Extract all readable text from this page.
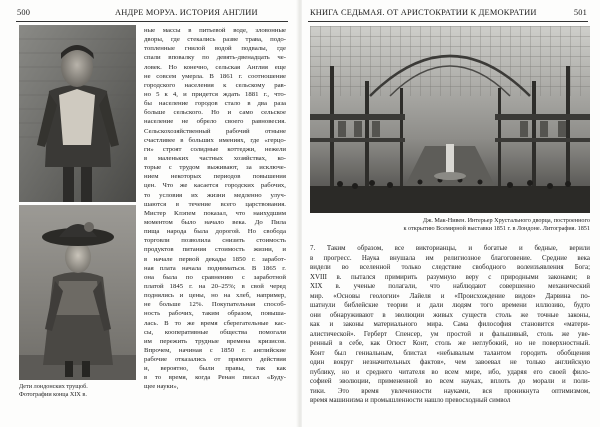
500	АНДРЕ МОРУА. ИСТОРИЯ АНГЛИИ
Дети лондонских трущоб.
Фотографии конца XIX в.
ные массы в питьевой воде, зловонные
дворы, где стекались разве трава, подо-
топленные гнилой водой подвалы, где
спали вповалку по девять-двенадцать че-
ловек. Но конечно, сельская Англия еще
не совсем умерла. В 1861 г. соотношение
городского населения к сельскому рав-
но 5 к 4, и придется ждать 1881 г., что-
бы население городов стало в два раза
больше сельского. Но и само сельское
население не обрело своего равновесия.
Сельскохозяйственный рабочий отныне
счастливее в больших имениях, где «герцо-
ги» строят солидные коттеджи, нежели
в маленьких частных хозяйствах, ко-
торые с трудом выживают, за исключе-
нием некоторых периодов повышения
цен. Что же касается городских рабочих,
то условия их жизни медленно улуч-
шаются в течение всего царствования.
Мистер Клэпем показал, что наихудшим
моментом было начало века. До Пила
пища народа была дорогой. Но свобода
торговли позволила снизить стоимость
продуктов питания стоимость жизни, и
в начале первой декады 1850 г. заработ-
ная плата начала подниматься. В 1865 г.
она была по сравнению с заработной
платой 1845 г. на 20–25%; в свой черед
поднялись и цены, но на хлеб, например,
не больше 12%. Покупательная способ-
ность рабочих, таким образом, повыша-
лась. В то же время сберегательные кас-
сы, кооперативные общества помогали
им пережить трудные времена кризисов.
Впрочем, начиная с 1850 г. английские
рабочие отказались от прямого действия
и, вероятно, были правы, так как
в то время, когда Ренан писал «Буду-
щее науки»,
КНИГА СЕДЬМАЯ. ОТ АРИСТОКРАТИИ К ДЕМОКРАТИИ	501
Дж. Мак-Нивен. Интерьер Хрустального дворца, построенного
к открытию Всемирной выставки 1851 г. в Лондоне. Литография. 1851
7. Таким образом, все викторианцы, и богатые и бедные, верили
в прогресс. Наука внушала им религиозное благоговение. Средние века
видели во вселенной только следствие свободного волеизъявления Бога;
XVIII в. пытался примирить разумную веру с природными законами; в
XIX в. ученые полагали, что наблюдают совершенно механический
мир. «Основы геологии» Лайеля и «Происхождение видов» Дарвина по-
шатнули библейские теории и дали людям того времени иллюзию, будто
они обнаруживают в эволюции живых существ столь же точные законы,
как и законы материального мира. Сама философия становится «матери-
алистической». Герберт Спенсер, ум простой и фальшивый, столь же уве-
ренный в себе, как Огюст Конт, столь же неглубокий, но не поверхностный.
Конт был гениальным, блистал «небывалым талантом городить обобщения
один вокруг незначительных фактов», чем завоевал не только английскую
публику, но и среднего читателя во всем мире, ибо, ударяя его своей фило-
софией эволюции, примененной во всем науках, вплоть до морали и поли-
тики. Это время увлеченности науками, вся проникнута оптимизмом,
время машинизма и промышленности нашло превосходный символ
